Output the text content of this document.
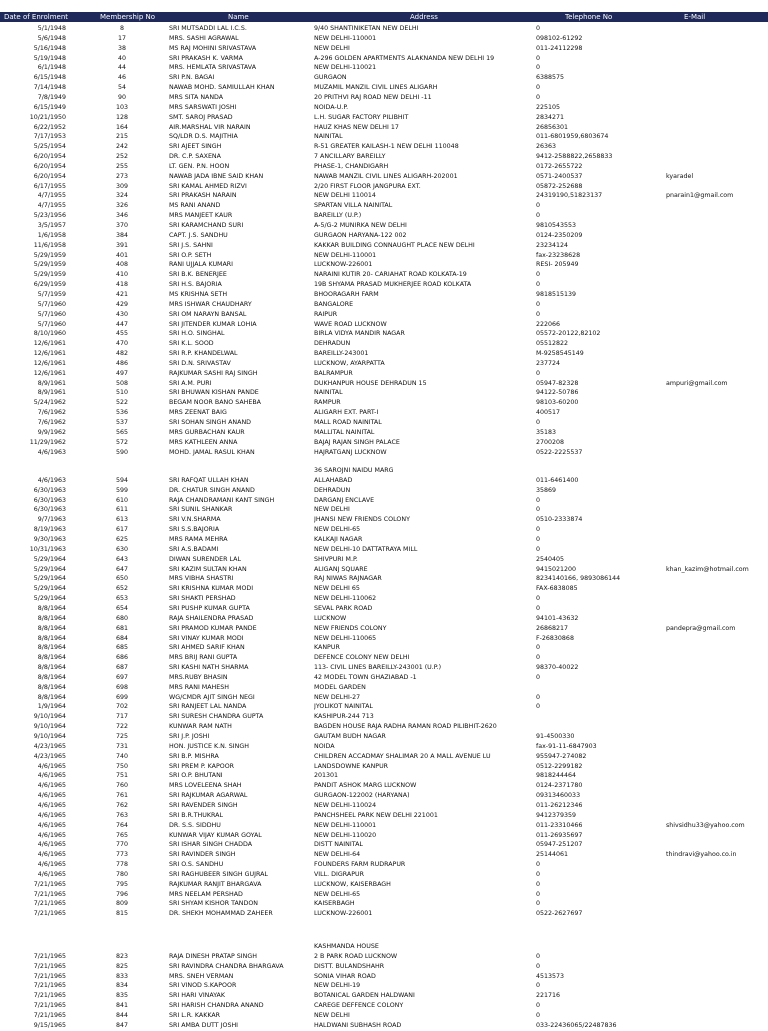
Date of Enrolment	Membership No	Name	Address	Telephone No	E-Mail
5/1/1948	8	SRI MUTSADDI LAL I.C.S.	9/40 SHANTINIKETAN NEW DELHI	0
5/6/1948	17	MRS. SASHI AGRAWAL	NEW DELHI-110001	098102-61292
5/16/1948	38	MS RAJ MOHINI SRIVASTAVA	NEW DELHI	011-24112298
5/19/1948	40	SRI PRAKASH K. VARMA	A-296 GOLDEN APARTMENTS ALAKNANDA NEW DELHI 19	0
6/1/1948	44	MRS. HEMLATA SRIVASTAVA	NEW DELHI-110021	0
6/15/1948	46	SRI P.N. BAGAI	GURGAON	6388575
7/14/1948	54	NAWAB MOHD. SAMIULLAH KHAN	MUZAMIL MANZIL CIVIL LINES ALIGARH	0
7/8/1949	90	MRS SITA NANDA	20 PRITHVI RAJ ROAD NEW DELHI -11	0
6/15/1949	103	MRS SARSWATI JOSHI	NOIDA-U.P.	225105
10/21/1950	128	SMT. SAROJ PRASAD	L.H. SUGAR FACTORY PILIBHIT	2834271
6/22/1952	164	AIR.MARSHAL VIR NARAIN	HAUZ KHAS NEW DELHI 17	26856301
7/17/1953	215	SQ/LDR D.S. MAJITHIA	NAINITAL	011-6801959,6803674
5/25/1954	242	SRI AJEET SINGH	R-51 GREATER KAILASH-1 NEW DELHI 110048	26363
6/20/1954	252	DR. C.P. SAXENA	7 ANCILLARY BAREILLY	9412-2588822,2658833
6/20/1954	255	LT. GEN. P.N. HOON	PHASE-1, CHANDIGARH	0172-2655722
6/20/1954	273	NAWAB JADA IBNE SAID KHAN	NAWAB MANZIL CIVIL LINES ALIGARH-202001	0571-2400537	kyaradel
6/17/1955	309	SRI KAMAL AHMED RIZVI	2/20 FIRST FLOOR JANGPURA EXT.	05872-252688
4/7/1955	324	SRI PRAKASH NARAIN	NEW DELHI 110014	24319190,51823137	pnarain1@gmail.com
4/7/1955	326	MS RANI ANAND	SPARTAN VILLA NAINITAL	0
5/23/1956	346	MRS MANJEET KAUR	BAREILLY (U.P.)	0
3/5/1957	370	SRI KARAMCHAND SURI	A-5/G-2 MUNIRKA NEW DELHI	9810543553
1/6/1958	384	CAPT. J.S. SANDHU	GURGAON HARYANA-122 002	0124-2350209
11/6/1958	391	SRI J.S. SAHNI	KAKKAR BUILDING CONNAUGHT PLACE NEW DELHI	23234124
5/29/1959	401	SRI O.P. SETH	NEW DELHI-110001	fax-23238628
5/29/1959	408	RANI UJJALA KUMARI	LUCKNOW-226001	RESI- 205949
5/29/1959	410	SRI B.K. BENERJEE	NARAINI KUTIR 20- CARIAHAT ROAD KOLKATA-19	0
6/29/1959	418	SRI H.S. BAJORIA	19B SHYAMA PRASAD MUKHERJEE ROAD KOLKATA	0
5/7/1959	421	MS KRISHNA SETH	BHOORAGARH FARM	9818515139
5/7/1960	429	MRS ISHWAR CHAUDHARY	BANGALORE	0
5/7/1960	430	SRI OM NARAYN BANSAL	RAIPUR	0
5/7/1960	447	SRI JITENDER KUMAR LOHIA	WAVE ROAD LUCKNOW	222066
8/10/1960	455	SRI H.O. SINGHAL	BIRLA VIDYA MANDIR NAGAR	05572-20122,82102
12/6/1961	470	SRI K.L. SOOD	DEHRADUN	05512822
12/6/1961	482	SRI R.P. KHANDELWAL	BAREILLY-243001	M-9258545149
12/6/1961	486	SRI D.N. SRIVASTAV	LUCKNOW, AYARPATTA	237724
12/6/1961	497	RAJKUMAR SASHI RAJ SINGH	BALRAMPUR	0
8/9/1961	508	SRI A.M. PURI	DUKHANPUR HOUSE DEHRADUN 15	05947-82328	ampuri@gmail.com
8/9/1961	510	SRI BHUWAN KISHAN PANDE	NAINITAL	94122-50786
5/24/1962	522	BEGAM NOOR BANO SAHEBA	RAMPUR	98103-60200
7/6/1962	536	MRS ZEENAT BAIG	ALIGARH EXT. PART-I	400517
7/6/1962	537	SRI SOHAN SINGH ANAND	MALL ROAD NAINITAL	0
9/9/1962	565	MRS GURBACHAN KAUR	MALLITAL NAINITAL	35183
11/29/1962	572	MRS KATHLEEN ANNA	BAJAJ RAJAN SINGH PALACE	2700208
4/6/1963	590	MOHD. JAMAL RASUL KHAN	HAJRATGANJ LUCKNOW	0522-2225537
36 SAROJNI NAIDU MARG
4/6/1963	594	SRI RAFQAT ULLAH KHAN	ALLAHABAD	011-6461400
6/30/1963	599	DR. CHATUR SINGH ANAND	DEHRADUN	35869
6/30/1963	610	RAJA CHANDRAMANI KANT SINGH	DARGANJ ENCLAVE	0
6/30/1963	611	SRI SUNIL SHANKAR	NEW DELHI	0
9/7/1963	613	SRI V.N.SHARMA	JHANSI NEW FRIENDS COLONY	0510-2333874
8/19/1963	617	SRI S.S.BAJORIA	NEW DELHI-65	0
9/30/1963	625	MRS RAMA MEHRA	KALKAJI NAGAR	0
10/31/1963	630	SRI A.S.BADAMI	NEW DELHI-10 DATTATRAYA MILL	0
5/29/1964	643	DIWAN SURENDER LAL	SHIVPURI M.P.	2540405
5/29/1964	647	SRI KAZIM SULTAN KHAN	ALIGANJ SQUARE	9415021200	khan_kazim@hotmail.com
5/29/1964	650	MRS VIBHA SHASTRI	RAJ NIWAS RAJNAGAR	8234140166, 9893086144
5/29/1964	652	SRI KRISHNA KUMAR MODI	NEW DELHI 65	FAX-6838085
5/29/1964	653	SRI SHAKTI PERSHAD	NEW DELHI-110062	0
8/8/1964	654	SRI PUSHP KUMAR GUPTA	SEVAL PARK ROAD	0
8/8/1964	680	RAJA SHAILENDRA PRASAD	LUCKNOW	94101-43632
8/8/1964	681	SRI PRAMOD KUMAR PANDE	NEW FRIENDS COLONY	26868217	pandepra@gmail.com
8/8/1964	684	SRI VINAY KUMAR MODI	NEW DELHI-110065	F-26830868
8/8/1964	685	SRI AHMED SARIF KHAN	KANPUR	0
8/8/1964	686	MRS BRIJ RANI GUPTA	DEFENCE COLONY NEW DELHI	0
8/8/1964	687	SRI KASHI NATH SHARMA	113- CIVIL LINES BAREILLY-243001 (U.P.)	98370-40022
8/8/1964	697	MRS.RUBY BHASIN	42 MODEL TOWN GHAZIABAD -1	0
8/8/1964	698	MRS RANI MAHESH	MODEL GARDEN
8/8/1964	699	WG/CMDR AJIT SINGH NEGI	NEW DELHI-27	0
1/9/1964	702	SRI RANJEET LAL NANDA	JYOLIKOT NAINITAL	0
9/10/1964	717	SRI SURESH CHANDRA GUPTA	KASHIPUR-244 713
9/10/1964	722	KUNWAR RAM NATH	BAGDEN HOUSE RAJA RADHA RAMAN ROAD PILIBHIT-2620
9/10/1964	725	SRI J.P. JOSHI	GAUTAM BUDH NAGAR	91-4500330
4/23/1965	731	HON. JUSTICE K.N. SINGH	NOIDA	fax-91-11-6847903
4/23/1965	740	SRI B.P. MISHRA	CHILDREN ACCADMAY SHALIMAR 20 A MALL AVENUE LU	955947-274082
4/6/1965	750	SRI PREM P. KAPOOR	LANDSDOWNE KANPUR	0512-2299182
4/6/1965	751	SRI O.P. BHUTANI	201301	9818244464
4/6/1965	760	MRS LOVELEENA SHAH	PANDIT ASHOK MARG LUCKNOW	0124-2371780
4/6/1965	761	SRI RAJKUMAR AGARWAL	GURGAON-122002 (HARYANA)	09313460033
4/6/1965	762	SRI RAVENDER SINGH	NEW DELHI-110024	011-26212346
4/6/1965	763	SRI B.R.THUKRAL	PANCHSHEEL PARK NEW DELHI 221001	9412379359
4/6/1965	764	DR. S.S. SIDDHU	NEW DELHI-110001	011-23310466	shivsidhu33@yahoo.com
4/6/1965	765	KUNWAR VIJAY KUMAR GOYAL	NEW DELHI-110020	011-26935697
4/6/1965	770	SRI ISHAR SINGH CHADDA	DISTT NAINITAL	05947-251207
4/6/1965	773	SRI RAVINDER SINGH	NEW DELHI-64	25144061	thindravi@yahoo.co.in
4/6/1965	778	SRI O.S. SANDHU	FOUNDERS FARM RUDRAPUR	0
4/6/1965	780	SRI RAGHUBEER SINGH GUJRAL	VILL. DIGRAPUR	0
7/21/1965	795	RAJKUMAR RANJIT BHARGAVA	LUCKNOW, KAISERBAGH	0
7/21/1965	796	MRS NEELAM PERSHAD	NEW DELHI-65	0
7/21/1965	809	SRI SHYAM KISHOR TANDON	KAISERBAGH	0
7/21/1965	815	DR. SHEKH MOHAMMAD ZAHEER	LUCKNOW-226001	0522-2627697
KASHMANDA HOUSE
7/21/1965	823	RAJA DINESH PRATAP SINGH	2 B PARK ROAD LUCKNOW	0
7/21/1965	825	SRI RAVINDRA CHANDRA BHARGAVA	DISTT. BULANDSHAHR	0
7/21/1965	833	MRS. SNEH VERMAN	SONIA VIHAR ROAD	4513573
7/21/1965	834	SRI VINOD S.KAPOOR	NEW DELHI-19	0
7/21/1965	835	SRI HARI VINAYAK	BOTANICAL GARDEN HALDWANI	221716
7/21/1965	841	SRI HARISH CHANDRA ANAND	CAREGE DEFFENCE COLONY	0
7/21/1965	844	SRI L.R. KAKKAR	NEW DELHI	0
9/15/1965	847	SRI AMBA DUTT JOSHI	HALDWANI SUBHASH ROAD	033-22436065/22487836
